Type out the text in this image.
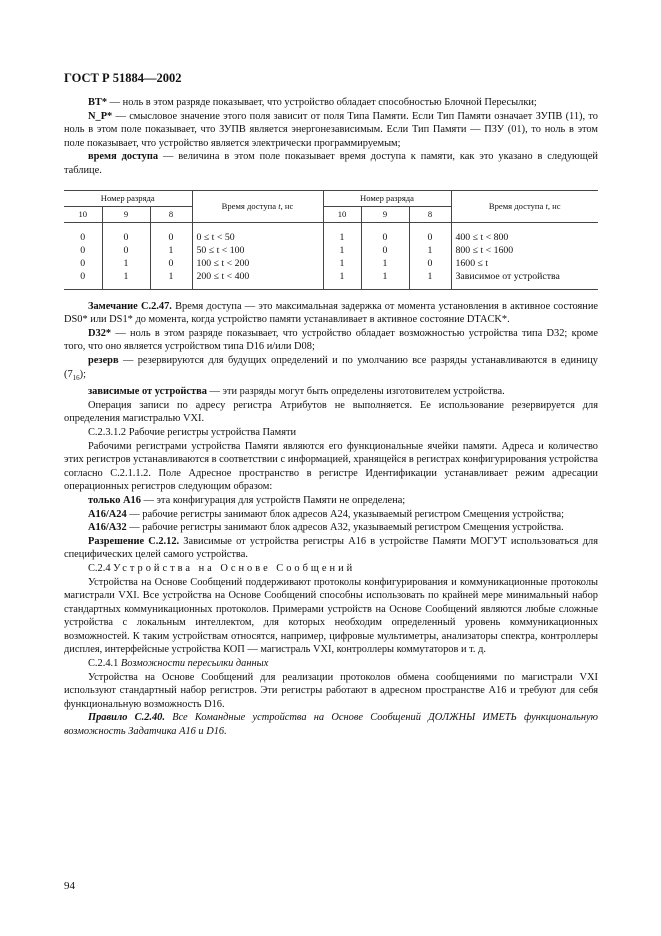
ГОСТ Р 51884—2002

BT* — ноль в этом разряде показывает, что устройство обладает способностью Блочной Пересылки;

N_P* — смысловое значение этого поля зависит от поля Типа Памяти. Если Тип Памяти означает ЗУПВ (11), то ноль в этом поле показывает, что ЗУПВ является энергонезависимым. Если Тип Памяти — ПЗУ (01), то ноль в этом поле показывает, что устройство является электрически программируемым;

время доступа — величина в этом поле показывает время доступа к памяти, как это указано в следующей таблице.

Номер разряда			Время доступа t, нс	Номер разряда			Время доступа t, нс
10	9	8		10	9	8	
0	0	0	0 ≤ t < 50	1	0	0	400 ≤ t < 800
0	0	1	50 ≤ t < 100	1	0	1	800 ≤ t < 1600
0	1	0	100 ≤ t < 200	1	1	0	1600 ≤ t
0	1	1	200 ≤ t < 400	1	1	1	Зависимое от устройства

Замечание С.2.47. Время доступа — это максимальная задержка от момента установления в активное состояние DS0* или DS1* до момента, когда устройство памяти устанавливает в активное состояние DTACK*.

D32* — ноль в этом разряде показывает, что устройство обладает возможностью устройства типа D32; кроме того, что оно является устройством типа D16 и/или D08;

резерв — резервируются для будущих определений и по умолчанию все разряды устанавливаются в единицу $(7_{16})$;

зависимые от устройства — эти разряды могут быть определены изготовителем устройства.

Операция записи по адресу регистра Атрибутов не выполняется. Ее использование резервируется для определения магистралью VXI.

С.2.3.1.2 Рабочие регистры устройства Памяти

Рабочими регистрами устройства Памяти являются его функциональные ячейки памяти. Адреса и количество этих регистров устанавливаются в соответствии с информацией, хранящейся в регистрах конфигурирования устройства согласно С.2.1.1.2. Поле Адресное пространство в регистре Идентификации устанавливает режим адресации операционных регистров следующим образом:

только А16 — эта конфигурация для устройств Памяти не определена;

А16/А24 — рабочие регистры занимают блок адресов А24, указываемый регистром Смещения устройства;

А16/А32 — рабочие регистры занимают блок адресов А32, указываемый регистром Смещения устройства.

Разрешение С.2.12. Зависимые от устройства регистры А16 в устройстве Памяти МОГУТ использоваться для специфических целей самого устройства.

С.2.4 Устройства на Основе Сообщений

Устройства на Основе Сообщений поддерживают протоколы конфигурирования и коммуникационные протоколы магистрали VXI. Все устройства на Основе Сообщений способны использовать по крайней мере минимальный набор стандартных коммуникационных протоколов. Примерами устройств на Основе Сообщений являются любые сложные устройства с локальным интеллектом, для которых необходим определенный уровень коммуникационных возможностей. К таким устройствам относятся, например, цифровые мультиметры, анализаторы спектра, контроллеры дисплея, интерфейсные устройства КОП — магистраль VXI, контроллеры коммутаторов и т. д.

С.2.4.1 Возможности пересылки данных

Устройства на Основе Сообщений для реализации протоколов обмена сообщениями по магистрали VXI используют стандартный набор регистров. Эти регистры работают в адресном пространстве А16 и требуют для себя функциональную возможность D16.

Правило С.2.40. Все Командные устройства на Основе Сообщений ДОЛЖНЫ ИМЕТЬ функциональную возможность Задатчика А16 и D16.

94
